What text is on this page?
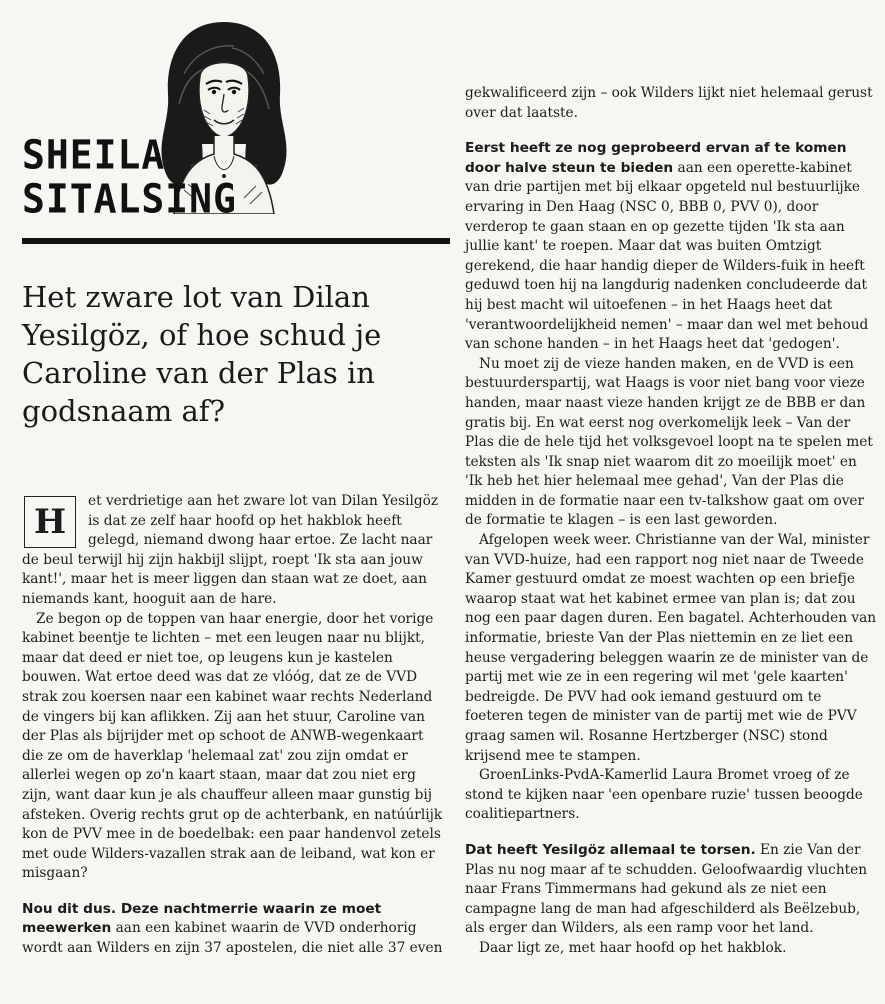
SHEILA
SITALSING
Het zware lot van Dilan Yesilgöz, of hoe schud je Caroline van der Plas in godsnaam af?
H

et verdrietige aan het zware lot van Dilan Yesilgöz is dat ze zelf haar hoofd op het hakblok heeft gelegd, niemand dwong haar ertoe. Ze lacht naar de beul terwijl hij zijn hakbijl slijpt, roept 'Ik sta aan jouw kant!', maar het is meer liggen dan staan wat ze doet, aan niemands kant, hooguit aan de hare.

Ze begon op de toppen van haar energie, door het vorige kabinet beentje te lichten – met een leugen naar nu blijkt, maar dat deed er niet toe, op leugens kun je kastelen bouwen. Wat ertoe deed was dat ze vlóóg, dat ze de VVD strak zou koersen naar een kabinet waar rechts Nederland de vingers bij kan aflikken. Zij aan het stuur, Caroline van der Plas als bijrijder met op schoot de ANWB-wegenkaart die ze om de haverklap 'helemaal zat' zou zijn omdat er allerlei wegen op zo'n kaart staan, maar dat zou niet erg zijn, want daar kun je als chauffeur alleen maar gunstig bij afsteken. Overig rechts grut op de achterbank, en natúúrlijk kon de PVV mee in de boedelbak: een paar handenvol zetels met oude Wilders-vazallen strak aan de leiband, wat kon er misgaan?

Nou dit dus. Deze nachtmerrie waarin ze moet meewerken aan een kabinet waarin de VVD onderhorig wordt aan Wilders en zijn 37 apostelen, die niet alle 37 even

gekwalificeerd zijn – ook Wilders lijkt niet helemaal gerust over dat laatste.

Eerst heeft ze nog geprobeerd ervan af te komen door halve steun te bieden aan een operette-kabinet van drie partijen met bij elkaar opgeteld nul bestuurlijke ervaring in Den Haag (NSC 0, BBB 0, PVV 0), door verderop te gaan staan en op gezette tijden 'Ik sta aan jullie kant' te roepen. Maar dat was buiten Omtzigt gerekend, die haar handig dieper de Wilders-fuik in heeft geduwd toen hij na langdurig nadenken concludeerde dat hij best macht wil uitoefenen – in het Haags heet dat 'verantwoordelijkheid nemen' – maar dan wel met behoud van schone handen – in het Haags heet dat 'gedogen'.

Nu moet zij de vieze handen maken, en de VVD is een bestuurderspartij, wat Haags is voor niet bang voor vieze handen, maar naast vieze handen krijgt ze de BBB er dan gratis bij. En wat eerst nog overkomelijk leek – Van der Plas die de hele tijd het volksgevoel loopt na te spelen met teksten als 'Ik snap niet waarom dit zo moeilijk moet' en 'Ik heb het hier helemaal mee gehad', Van der Plas die midden in de formatie naar een tv-talkshow gaat om over de formatie te klagen – is een last geworden.

Afgelopen week weer. Christianne van der Wal, minister van VVD-huize, had een rapport nog niet naar de Tweede Kamer gestuurd omdat ze moest wachten op een briefje waarop staat wat het kabinet ermee van plan is; dat zou nog een paar dagen duren. Een bagatel. Achterhouden van informatie, brieste Van der Plas niettemin en ze liet een heuse vergadering beleggen waarin ze de minister van de partij met wie ze in een regering wil met 'gele kaarten' bedreigde. De PVV had ook iemand gestuurd om te foeteren tegen de minister van de partij met wie de PVV graag samen wil. Rosanne Hertzberger (NSC) stond krijsend mee te stampen.

GroenLinks-PvdA-Kamerlid Laura Bromet vroeg of ze stond te kijken naar 'een openbare ruzie' tussen beoogde coalitiepartners.

Dat heeft Yesilgöz allemaal te torsen. En zie Van der Plas nu nog maar af te schudden. Geloofwaardig vluchten naar Frans Timmermans had gekund als ze niet een campagne lang de man had afgeschilderd als Beëlzebub, als erger dan Wilders, als een ramp voor het land.

Daar ligt ze, met haar hoofd op het hakblok.
